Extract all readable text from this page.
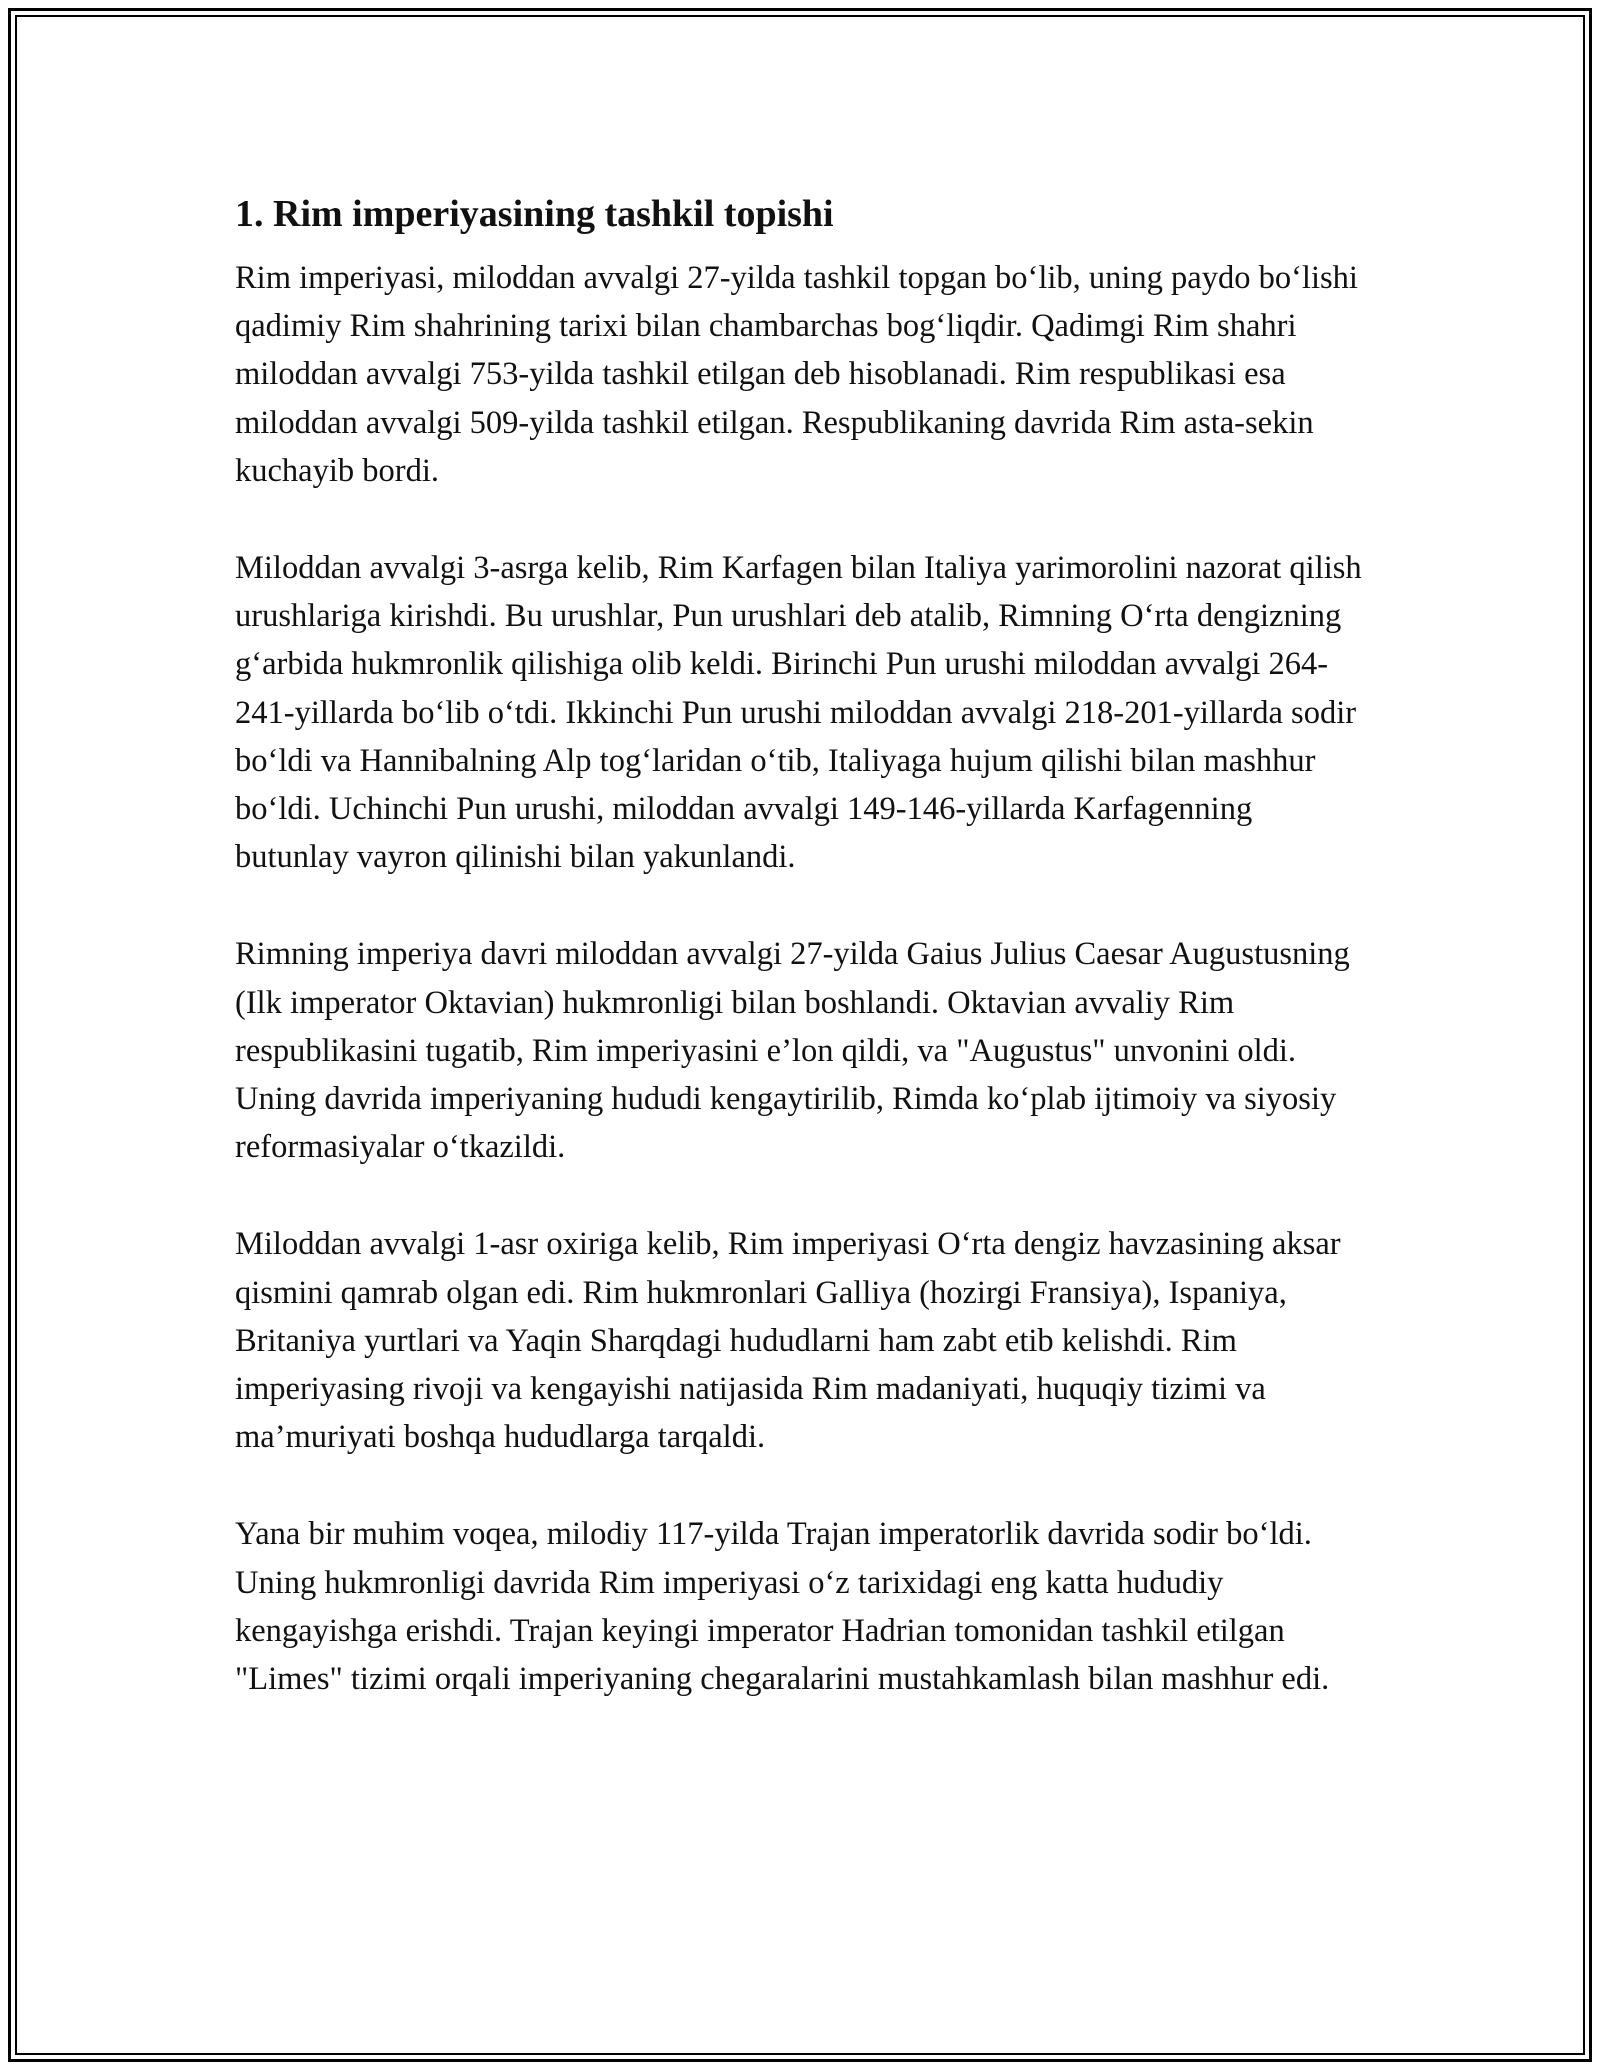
1. Rim imperiyasining tashkil topishi

Rim imperiyasi, miloddan avvalgi 27-yilda tashkil topgan bo‘lib, uning paydo bo‘lishi qadimiy Rim shahrining tarixi bilan chambarchas bog‘liqdir. Qadimgi Rim shahri miloddan avvalgi 753-yilda tashkil etilgan deb hisoblanadi. Rim respublikasi esa miloddan avvalgi 509-yilda tashkil etilgan. Respublikaning davrida Rim asta-sekin kuchayib bordi.

Miloddan avvalgi 3-asrga kelib, Rim Karfagen bilan Italiya yarimorolini nazorat qilish urushlariga kirishdi. Bu urushlar, Pun urushlari deb atalib, Rimning O‘rta dengizning g‘arbida hukmronlik qilishiga olib keldi. Birinchi Pun urushi miloddan avvalgi 264-241-yillarda bo‘lib o‘tdi. Ikkinchi Pun urushi miloddan avvalgi 218-201-yillarda sodir bo‘ldi va Hannibalning Alp tog‘laridan o‘tib, Italiyaga hujum qilishi bilan mashhur bo‘ldi. Uchinchi Pun urushi, miloddan avvalgi 149-146-yillarda Karfagenning butunlay vayron qilinishi bilan yakunlandi.

Rimning imperiya davri miloddan avvalgi 27-yilda Gaius Julius Caesar Augustusning (Ilk imperator Oktavian) hukmronligi bilan boshlandi. Oktavian avvaliy Rim respublikasini tugatib, Rim imperiyasini e’lon qildi, va "Augustus" unvonini oldi. Uning davrida imperiyaning hududi kengaytirilib, Rimda ko‘plab ijtimoiy va siyosiy reformasiyalar o‘tkazildi.

Miloddan avvalgi 1-asr oxiriga kelib, Rim imperiyasi O‘rta dengiz havzasining aksar qismini qamrab olgan edi. Rim hukmronlari Galliya (hozirgi Fransiya), Ispaniya, Britaniya yurtlari va Yaqin Sharqdagi hududlarni ham zabt etib kelishdi. Rim imperiyasing rivoji va kengayishi natijasida Rim madaniyati, huquqiy tizimi va ma’muriyati boshqa hududlarga tarqaldi.

Yana bir muhim voqea, milodiy 117-yilda Trajan imperatorlik davrida sodir bo‘ldi. Uning hukmronligi davrida Rim imperiyasi o‘z tarixidagi eng katta hududiy kengayishga erishdi. Trajan keyingi imperator Hadrian tomonidan tashkil etilgan "Limes" tizimi orqali imperiyaning chegaralarini mustahkamlash bilan mashhur edi.
